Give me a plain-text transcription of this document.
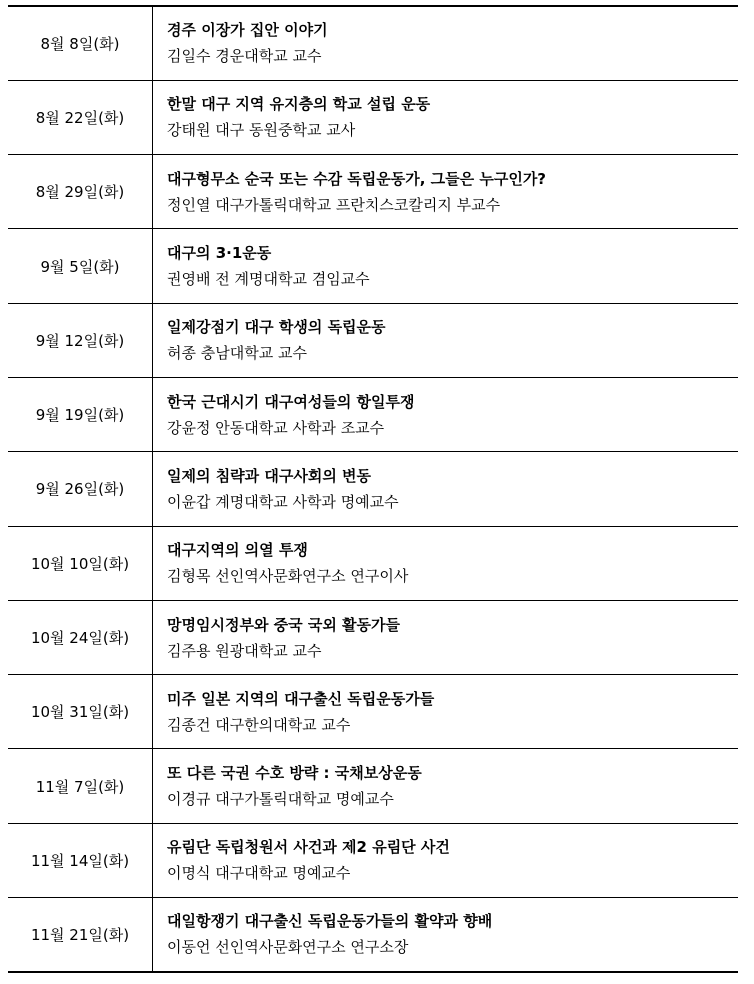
8월 8일(화)	경주 이장가 집안 이야기
김일수 경운대학교 교수

8월 22일(화)	한말 대구 지역 유지층의 학교 설립 운동
강태원 대구 동원중학교 교사

8월 29일(화)	대구형무소 순국 또는 수감 독립운동가, 그들은 누구인가?
정인열 대구가톨릭대학교 프란치스코칼리지 부교수

9월 5일(화)	대구의 3·1운동
권영배 전 계명대학교 겸임교수

9월 12일(화)	일제강점기 대구 학생의 독립운동
허종 충남대학교 교수

9월 19일(화)	한국 근대시기 대구여성들의 항일투쟁
강윤정 안동대학교 사학과 조교수

9월 26일(화)	일제의 침략과 대구사회의 변동
이윤갑 계명대학교 사학과 명예교수

10월 10일(화)	대구지역의 의열 투쟁
김형목 선인역사문화연구소 연구이사

10월 24일(화)	망명임시정부와 중국 국외 활동가들
김주용 원광대학교 교수

10월 31일(화)	미주 일본 지역의 대구출신 독립운동가들
김종건 대구한의대학교 교수

11월 7일(화)	또 다른 국권 수호 방략 : 국채보상운동
이경규 대구가톨릭대학교 명예교수

11월 14일(화)	유림단 독립청원서 사건과 제2 유림단 사건
이명식 대구대학교 명예교수

11월 21일(화)	대일항쟁기 대구출신 독립운동가들의 활약과 향배
이동언 선인역사문화연구소 연구소장
